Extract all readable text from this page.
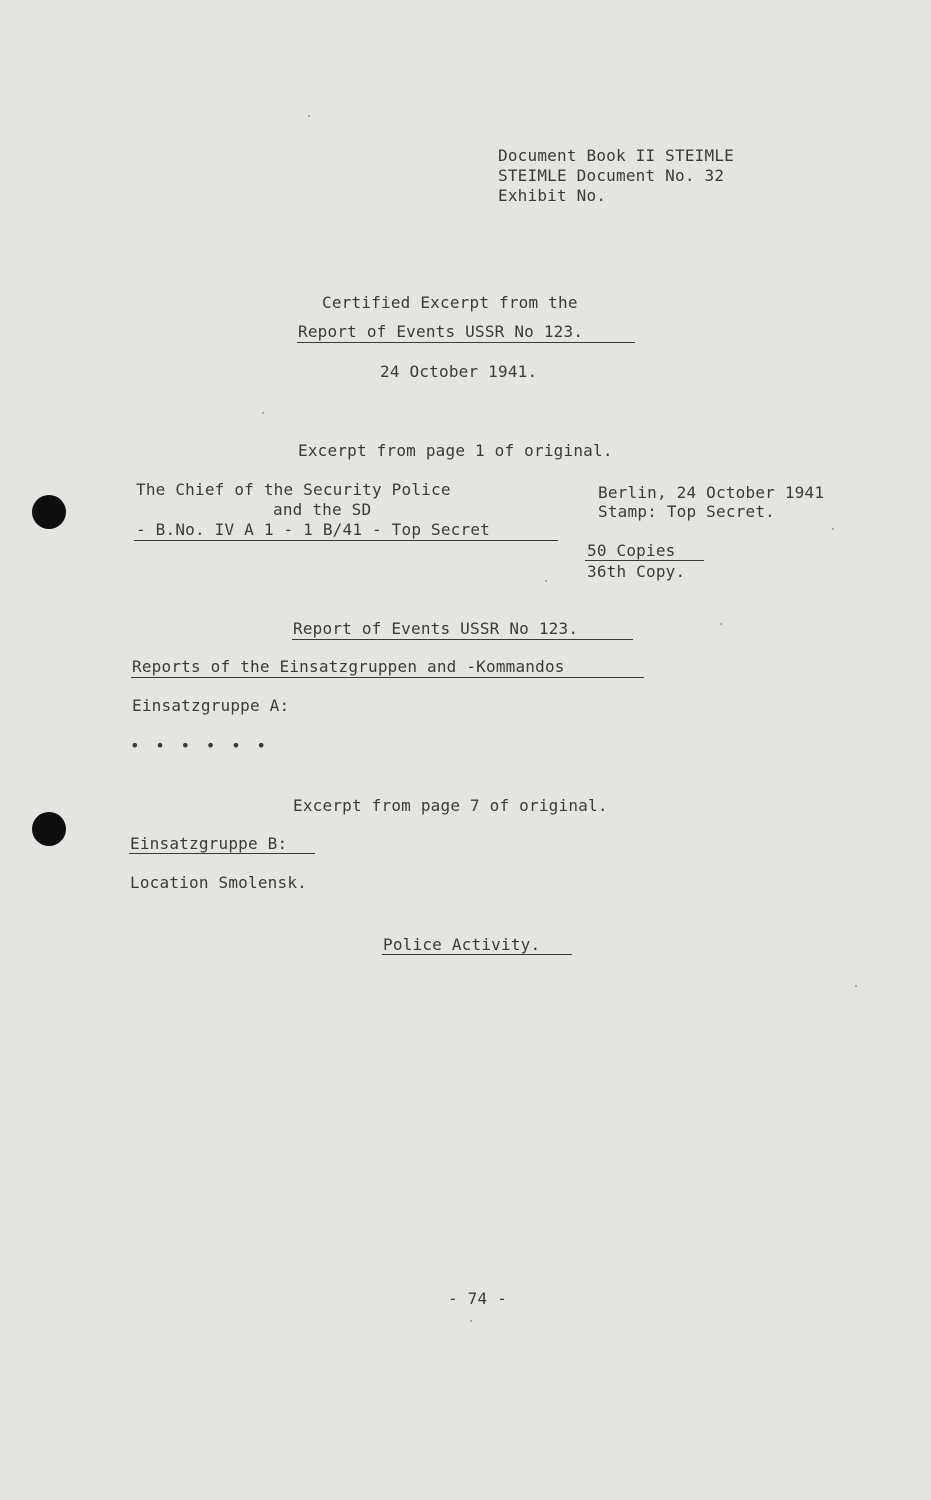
Document Book II STEIMLE
STEIMLE Document No. 32
Exhibit No.
Certified Excerpt from the
Report of Events USSR No 123.
24 October 1941.
Excerpt from page 1 of original.
The Chief of the Security Police
and the SD
- B.No. IV A 1 - 1 B/41 - Top Secret
Berlin, 24 October 1941
Stamp: Top Secret.
50 Copies
36th Copy.
Report of Events USSR No 123.
Reports of the Einsatzgruppen and -Kommandos
Einsatzgruppe A:
• • • • • •
Excerpt from page 7 of original.
Einsatzgruppe B:
Location Smolensk.
Police Activity.
- 74 -
